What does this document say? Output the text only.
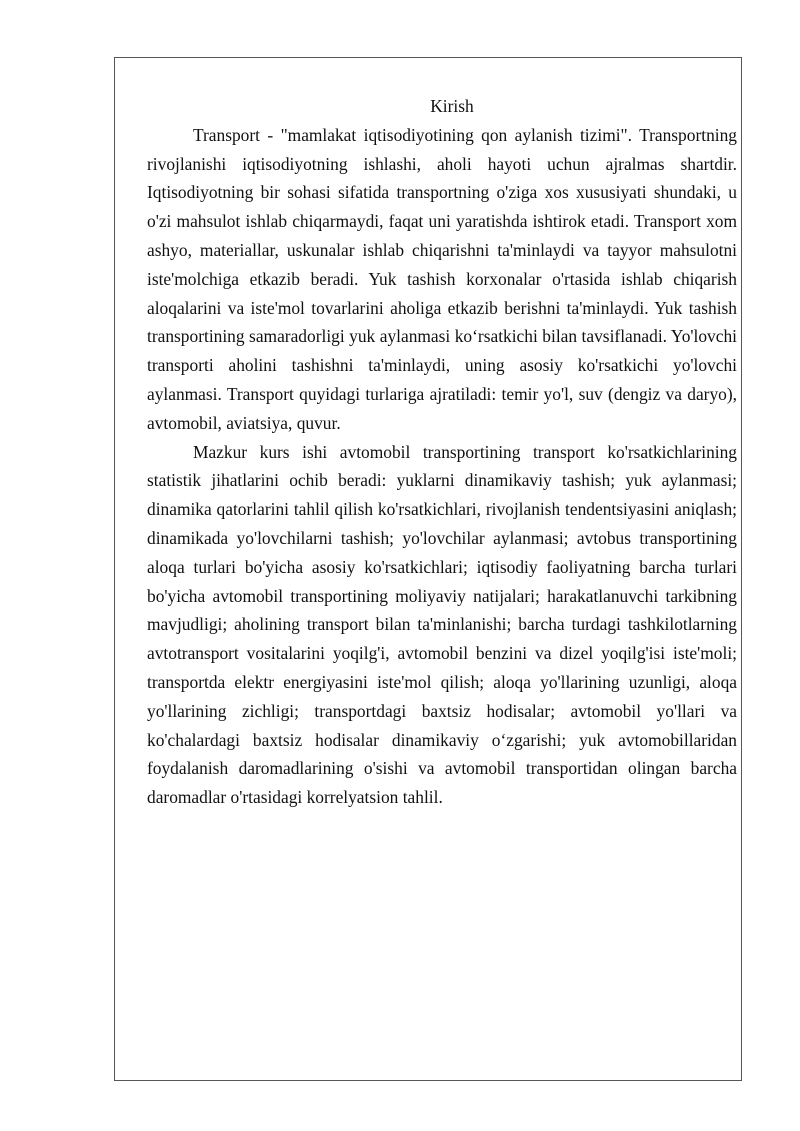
Kirish

Transport - "mamlakat iqtisodiyotining qon aylanish tizimi". Transportning rivojlanishi iqtisodiyotning ishlashi, aholi hayoti uchun ajralmas shartdir. Iqtisodiyotning bir sohasi sifatida transportning o'ziga xos xususiyati shundaki, u o'zi mahsulot ishlab chiqarmaydi, faqat uni yaratishda ishtirok etadi. Transport xom ashyo, materiallar, uskunalar ishlab chiqarishni ta'minlaydi va tayyor mahsulotni iste'molchiga etkazib beradi. Yuk tashish korxonalar o'rtasida ishlab chiqarish aloqalarini va iste'mol tovarlarini aholiga etkazib berishni ta'minlaydi. Yuk tashish transportining samaradorligi yuk aylanmasi ko‘rsatkichi bilan tavsiflanadi. Yo'lovchi transporti aholini tashishni ta'minlaydi, uning asosiy ko'rsatkichi yo'lovchi aylanmasi. Transport quyidagi turlariga ajratiladi: temir yo'l, suv (dengiz va daryo), avtomobil, aviatsiya, quvur.

Mazkur kurs ishi avtomobil transportining transport ko'rsatkichlarining statistik jihatlarini ochib beradi: yuklarni dinamikaviy tashish; yuk aylanmasi; dinamika qatorlarini tahlil qilish ko'rsatkichlari, rivojlanish tendentsiyasini aniqlash; dinamikada yo'lovchilarni tashish; yo'lovchilar aylanmasi; avtobus transportining aloqa turlari bo'yicha asosiy ko'rsatkichlari; iqtisodiy faoliyatning barcha turlari bo'yicha avtomobil transportining moliyaviy natijalari; harakatlanuvchi tarkibning mavjudligi; aholining transport bilan ta'minlanishi; barcha turdagi tashkilotlarning avtotransport vositalarini yoqilg'i, avtomobil benzini va dizel yoqilg'isi iste'moli; transportda elektr energiyasini iste'mol qilish; aloqa yo'llarining uzunligi, aloqa yo'llarining zichligi; transportdagi baxtsiz hodisalar; avtomobil yo'llari va ko'chalardagi baxtsiz hodisalar dinamikaviy o‘zgarishi; yuk avtomobillaridan foydalanish daromadlarining o'sishi va avtomobil transportidan olingan barcha daromadlar o'rtasidagi korrelyatsion tahlil.
